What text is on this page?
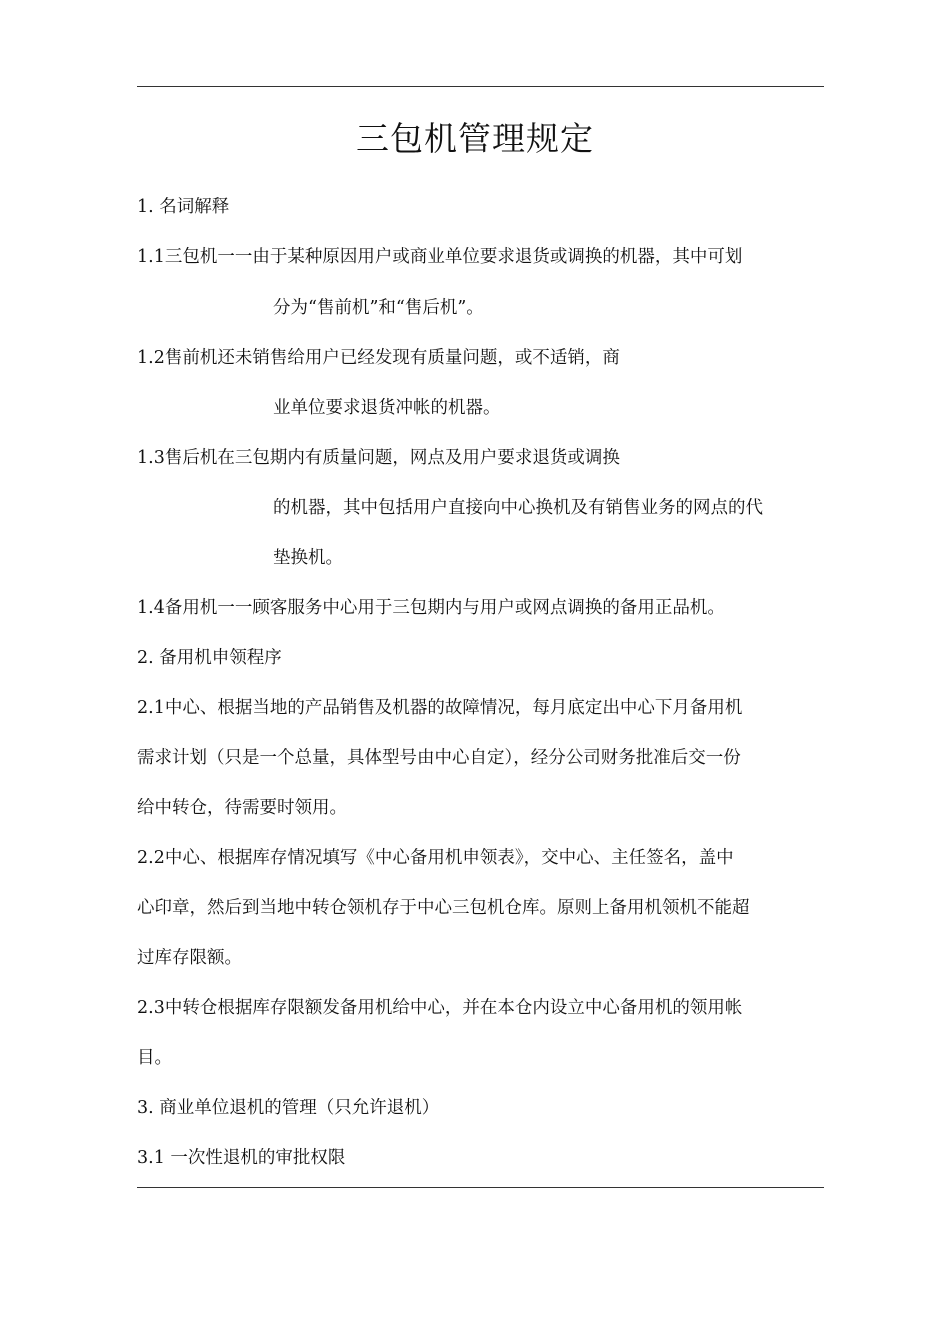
三包机管理规定
1. 名词解释
1.1三包机一一由于某种原因用户或商业单位要求退货或调换的机器，其中可划
分为“售前机”和“售后机”。
1.2售前机还未销售给用户已经发现有质量问题，或不适销，商
业单位要求退货冲帐的机器。
1.3售后机在三包期内有质量问题，网点及用户要求退货或调换
的机器，其中包括用户直接向中心换机及有销售业务的网点的代
垫换机。
1.4备用机一一顾客服务中心用于三包期内与用户或网点调换的备用正品机。
2. 备用机申领程序
2.1中心、根据当地的产品销售及机器的故障情况，每月底定出中心下月备用机
需求计划（只是一个总量，具体型号由中心自定），经分公司财务批准后交一份
给中转仓，待需要时领用。
2.2中心、根据库存情况填写《中心备用机申领表》，交中心、主任签名，盖中
心印章，然后到当地中转仓领机存于中心三包机仓库。原则上备用机领机不能超
过库存限额。
2.3中转仓根据库存限额发备用机给中心，并在本仓内设立中心备用机的领用帐
目。
3. 商业单位退机的管理（只允许退机）
3.1 一次性退机的审批权限
